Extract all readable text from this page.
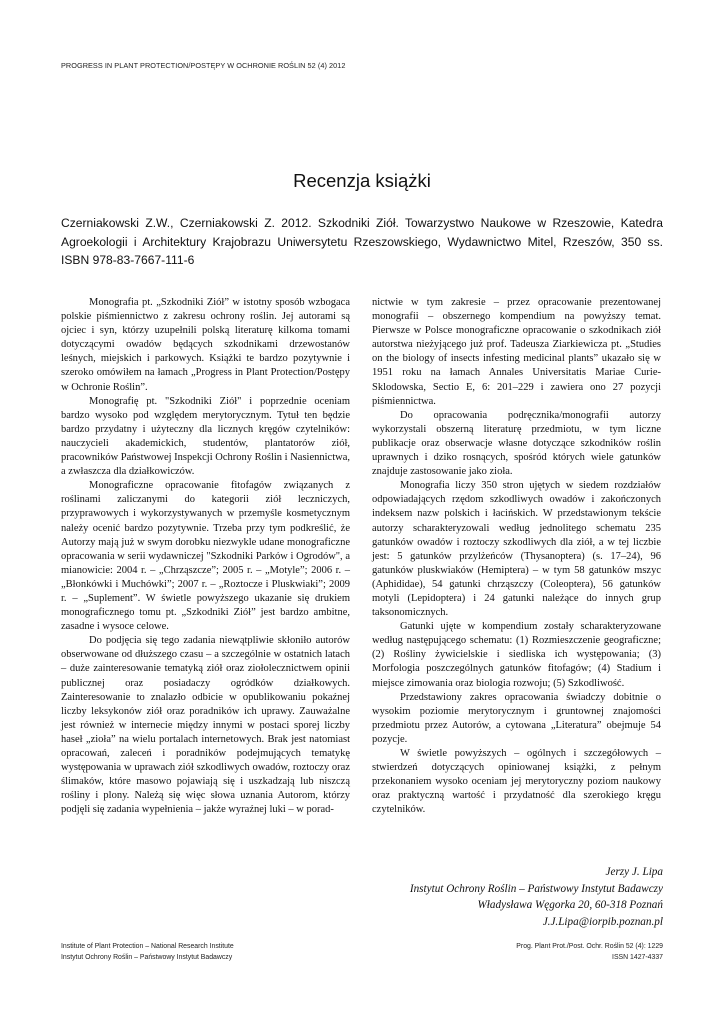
PROGRESS IN PLANT PROTECTION/POSTĘPY W OCHRONIE ROŚLIN 52 (4) 2012
Recenzja książki
Czerniakowski Z.W., Czerniakowski Z. 2012. Szkodniki Ziół. Towarzystwo Naukowe w Rzeszowie, Katedra Agroekologii i Architektury Krajobrazu Uniwersytetu Rzeszowskiego, Wydawnictwo Mitel, Rzeszów, 350 ss. ISBN 978-83-7667-111-6

Monografia pt. „Szkodniki Ziół” w istotny sposób wzbogaca polskie piśmiennictwo z zakresu ochrony roślin. Jej autorami są ojciec i syn, którzy uzupełnili polską literaturę kilkoma tomami dotyczącymi owadów będących szkodnikami drzewostanów leśnych, miejskich i parkowych. Książki te bardzo pozytywnie i szeroko omówiłem na łamach „Progress in Plant Protection/Postępy w Ochronie Roślin”.

Monografię pt. "Szkodniki Ziół" i poprzednie oceniam bardzo wysoko pod względem merytorycznym. Tytuł ten będzie bardzo przydatny i użyteczny dla licznych kręgów czytelników: nauczycieli akademickich, studentów, plantatorów ziół, pracowników Państwowej Inspekcji Ochrony Roślin i Nasiennictwa, a zwłaszcza dla działkowiczów.

Monograficzne opracowanie fitofagów związanych z roślinami zaliczanymi do kategorii ziół leczniczych, przyprawowych i wykorzystywanych w przemyśle kosmetycznym należy ocenić bardzo pozytywnie. Trzeba przy tym podkreślić, że Autorzy mają już w swym dorobku niezwykle udane monograficzne opracowania w serii wydawniczej "Szkodniki Parków i Ogrodów", a mianowicie: 2004 r. – „Chrząszcze”; 2005 r. – „Motyle”; 2006 r. – „Błonkówki i Muchówki”; 2007 r. – „Roztocze i Pluskwiaki”; 2009 r. – „Suplement”. W świetle powyższego ukazanie się drukiem monograficznego tomu pt. „Szkodniki Ziół” jest bardzo ambitne, zasadne i wysoce celowe.

Do podjęcia się tego zadania niewątpliwie skłoniło autorów obserwowane od dłuższego czasu – a szczególnie w ostatnich latach – duże zainteresowanie tematyką ziół oraz ziołolecznictwem opinii publicznej oraz posiadaczy ogródków działkowych. Zainteresowanie to znalazło odbicie w opublikowaniu pokaźnej liczby leksykonów ziół oraz poradników ich uprawy. Zauważalne jest również w internecie między innymi w postaci sporej liczby haseł „zioła” na wielu portalach internetowych. Brak jest natomiast opracowań, zaleceń i poradników podejmujących tematykę występowania w uprawach ziół szkodliwych owadów, roztoczy oraz ślimaków, które masowo pojawiają się i uszkadzają lub niszczą rośliny i plony. Należą się więc słowa uznania Autorom, którzy podjęli się zadania wypełnienia – jakże wyraźnej luki – w porad-

nictwie w tym zakresie – przez opracowanie prezentowanej monografii – obszernego kompendium na powyższy temat. Pierwsze w Polsce monograficzne opracowanie o szkodnikach ziół autorstwa nieżyjącego już prof. Tadeusza Ziarkiewicza pt. „Studies on the biology of insects infesting medicinal plants” ukazało się w 1951 roku na łamach Annales Universitatis Mariae Curie-Sklodowska, Sectio E, 6: 201–229 i zawiera ono 27 pozycji piśmiennictwa.

Do opracowania podręcznika/monografii autorzy wykorzystali obszerną literaturę przedmiotu, w tym liczne publikacje oraz obserwacje własne dotyczące szkodników roślin uprawnych i dziko rosnących, spośród których wiele gatunków znajduje zastosowanie jako zioła.

Monografia liczy 350 stron ujętych w siedem rozdziałów odpowiadających rzędom szkodliwych owadów i zakończonych indeksem nazw polskich i łacińskich. W przedstawionym tekście autorzy scharakteryzowali według jednolitego schematu 235 gatunków owadów i roztoczy szkodliwych dla ziół, a w tej liczbie jest: 5 gatunków przylżeńców (Thysanoptera) (s. 17–24), 96 gatunków pluskwiaków (Hemiptera) – w tym 58 gatunków mszyc (Aphididae), 54 gatunki chrząszczy (Coleoptera), 56 gatunków motyli (Lepidoptera) i 24 gatunki należące do innych grup taksonomicznych.

Gatunki ujęte w kompendium zostały scharakteryzowane według następującego schematu: (1) Rozmieszczenie geograficzne; (2) Rośliny żywicielskie i siedliska ich występowania; (3) Morfologia poszczególnych gatunków fitofagów; (4) Stadium i miejsce zimowania oraz biologia rozwoju; (5) Szkodliwość.

Przedstawiony zakres opracowania świadczy dobitnie o wysokim poziomie merytorycznym i gruntownej znajomości przedmiotu przez Autorów, a cytowana „Literatura” obejmuje 54 pozycje.

W świetle powyższych – ogólnych i szczegółowych – stwierdzeń dotyczących opiniowanej książki, z pełnym przekonaniem wysoko oceniam jej merytoryczny poziom naukowy oraz praktyczną wartość i przydatność dla szerokiego kręgu czytelników.

Jerzy J. Lipa
Instytut Ochrony Roślin – Państwowy Instytut Badawczy
Władysława Węgorka 20, 60-318 Poznań
J.J.Lipa@iorpib.poznan.pl
Institute of Plant Protection – National Research Institute
Instytut Ochrony Roślin – Państwowy Instytut Badawczy
Prog. Plant Prot./Post. Ochr. Roślin 52 (4): 1229
ISSN 1427-4337
